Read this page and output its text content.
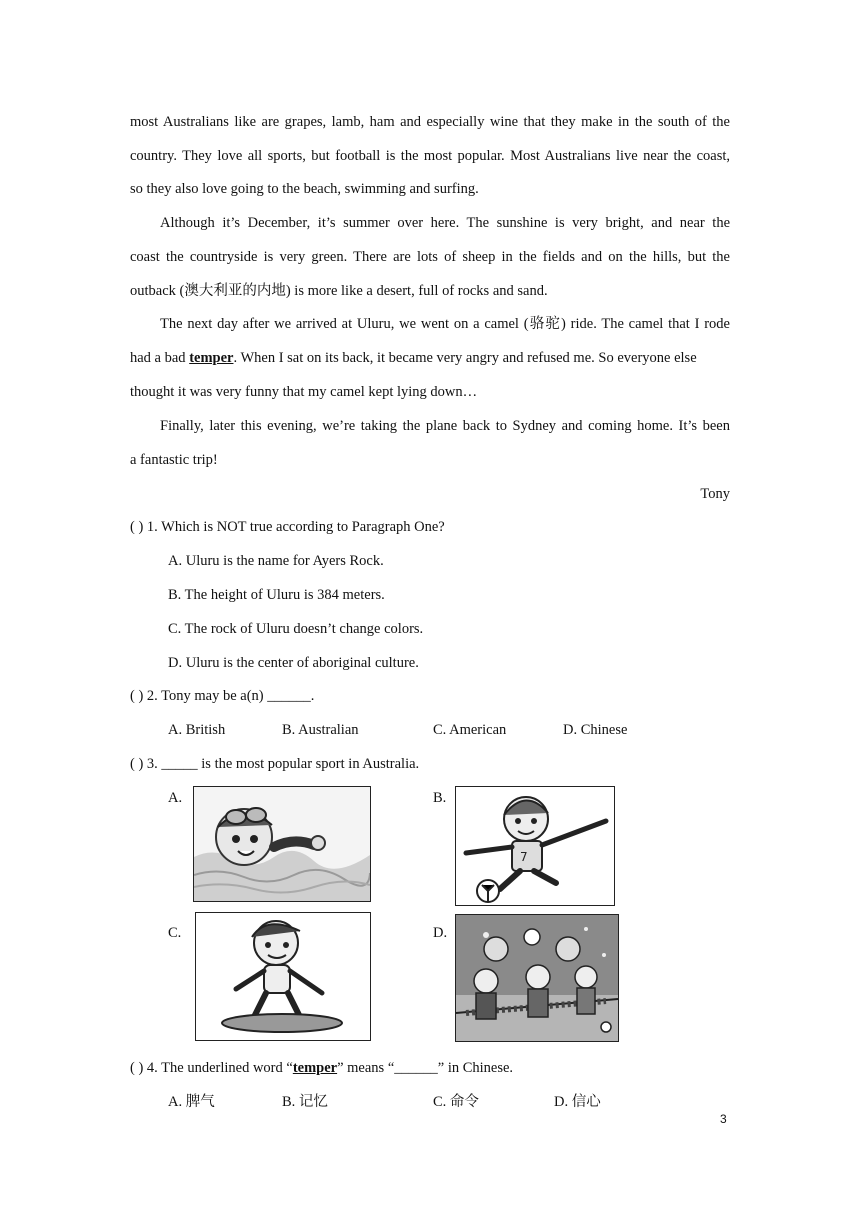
most Australians like are grapes, lamb, ham and especially wine that they make in the south of the
country. They love all sports, but football is the most popular. Most Australians live near the coast,
so they also love going to the beach, swimming and surfing.
Although it’s December, it’s summer over here. The sunshine is very bright, and near the
coast the countryside is very green. There are lots of sheep in the fields and on the hills, but the
outback (澳大利亚的内地) is more like a desert, full of rocks and sand.
The next day after we arrived at Uluru, we went on a camel (骆驼) ride. The camel that I rode
had a bad temper. When I sat on its back, it became very angry and refused me. So everyone else
thought it was very funny that my camel kept lying down…
Finally, later this evening, we’re taking the plane back to Sydney and coming home. It’s been
a fantastic trip!
Tony
( ) 1. Which is NOT true according to Paragraph One?
A. Uluru is the name for Ayers Rock.
B. The height of Uluru is 384 meters.
C. The rock of Uluru doesn’t change colors.
D. Uluru is the center of aboriginal culture.
( ) 2. Tony may be a(n) ______.
A. British	B. Australian	C. American	D. Chinese
( ) 3. _____ is the most popular sport in Australia.
A.	B.
7
C.	D.
( ) 4. The underlined word “temper” means “______” in Chinese.
A. 脾气	B. 记忆	C. 命令	D. 信心
3
